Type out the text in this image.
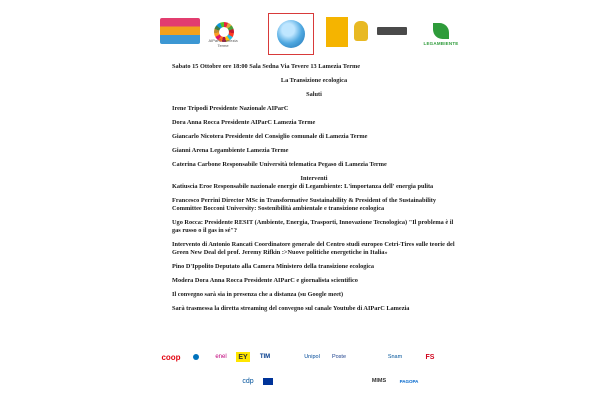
LEGAMBIENTE
AIParC Lamezia Terme

Sabato 15 Ottobre ore 18:00 Sala Sedna Via Tevere 13 Lamezia Terme

La Transizione ecologica

Saluti

Irene Tripodi Presidente Nazionale AIParC

Dora Anna Rocca Presidente AIParC Lamezia Terme

Giancarlo Nicotera Presidente del Consiglio comunale di Lamezia Terme

Gianni Arena Legambiente Lamezia Terme

Caterina Carbone Responsabile Università telematica Pegaso di Lamezia Terme

Interventi

Katiuscia Eroe Responsabile nazionale energie di Legambiente: L'importanza dell' energia pulita

Francesco Perrini Director MSc in Transformative Sustainability & President of the Sustainability Committee Bocconi University: Sostenibilità ambientale e transizione ecologica

Ugo Rocca: Presidente RESIT (Ambiente, Energia, Trasporti, Innovazione Tecnologica) "Il problema è il gas russo o il gas in sé"?

Intervento di Antonio Rancati Coordinatore generale del Centro studi europeo Cetri-Tires sulle teorie del Green New Deal del prof. Jeremy Rifkin :>Nuove politiche energetiche in Italia»

Pino D'Ippolito Deputato alla Camera Ministero della transizione ecologica

Modera Dora Anna Rocca Presidente AIParC e giornalista scientifico

Il convegno sarà sia in presenza che a distanza (su Google meet)

Sarà trasmessa la diretta streaming del convegno sul canale Youtube di AIParC Lamezia

coop	enel	EY	TIM	Unipol	Poste	Snam	FS
cdp	MIMS	PAGOPA
